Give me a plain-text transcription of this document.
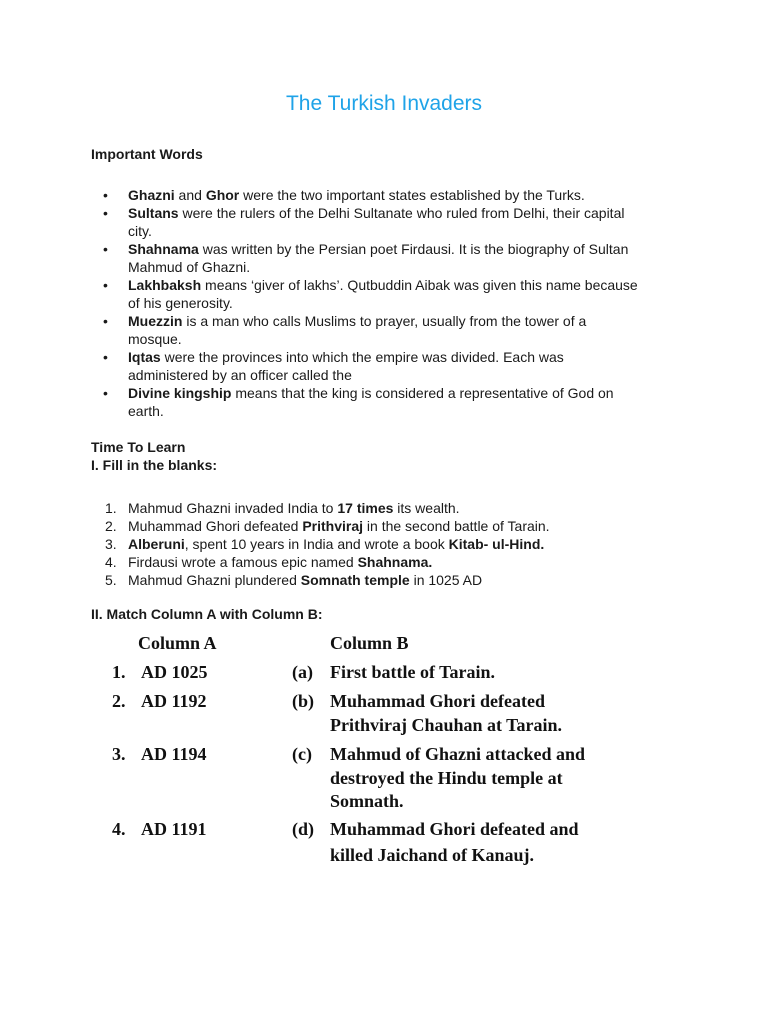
The Turkish Invaders

Important Words

• Ghazni and Ghor were the two important states established by the Turks.
• Sultans were the rulers of the Delhi Sultanate who ruled from Delhi, their capital
city.
• Shahnama was written by the Persian poet Firdausi. It is the biography of Sultan
Mahmud of Ghazni.
• Lakhbaksh means ‘giver of lakhs’. Qutbuddin Aibak was given this name because
of his generosity.
• Muezzin is a man who calls Muslims to prayer, usually from the tower of a
mosque.
• Iqtas were the provinces into which the empire was divided. Each was
administered by an officer called the
• Divine kingship means that the king is considered a representative of God on
earth.

Time To Learn

I. Fill in the blanks:

1. Mahmud Ghazni invaded India to 17 times its wealth.
2. Muhammad Ghori defeated Prithviraj in the second battle of Tarain.
3. Alberuni, spent 10 years in India and wrote a book Kitab- ul-Hind.
4. Firdausi wrote a famous epic named Shahnama.
5. Mahmud Ghazni plundered Somnath temple in 1025 AD

II. Match Column A with Column B:

Column A	Column B
1. AD 1025	(a) First battle of Tarain.
2. AD 1192	(b) Muhammad Ghori defeated
Prithviraj Chauhan at Tarain.
3. AD 1194	(c) Mahmud of Ghazni attacked and
destroyed the Hindu temple at
Somnath.
4. AD 1191	(d) Muhammad Ghori defeated and
killed Jaichand of Kanauj.
